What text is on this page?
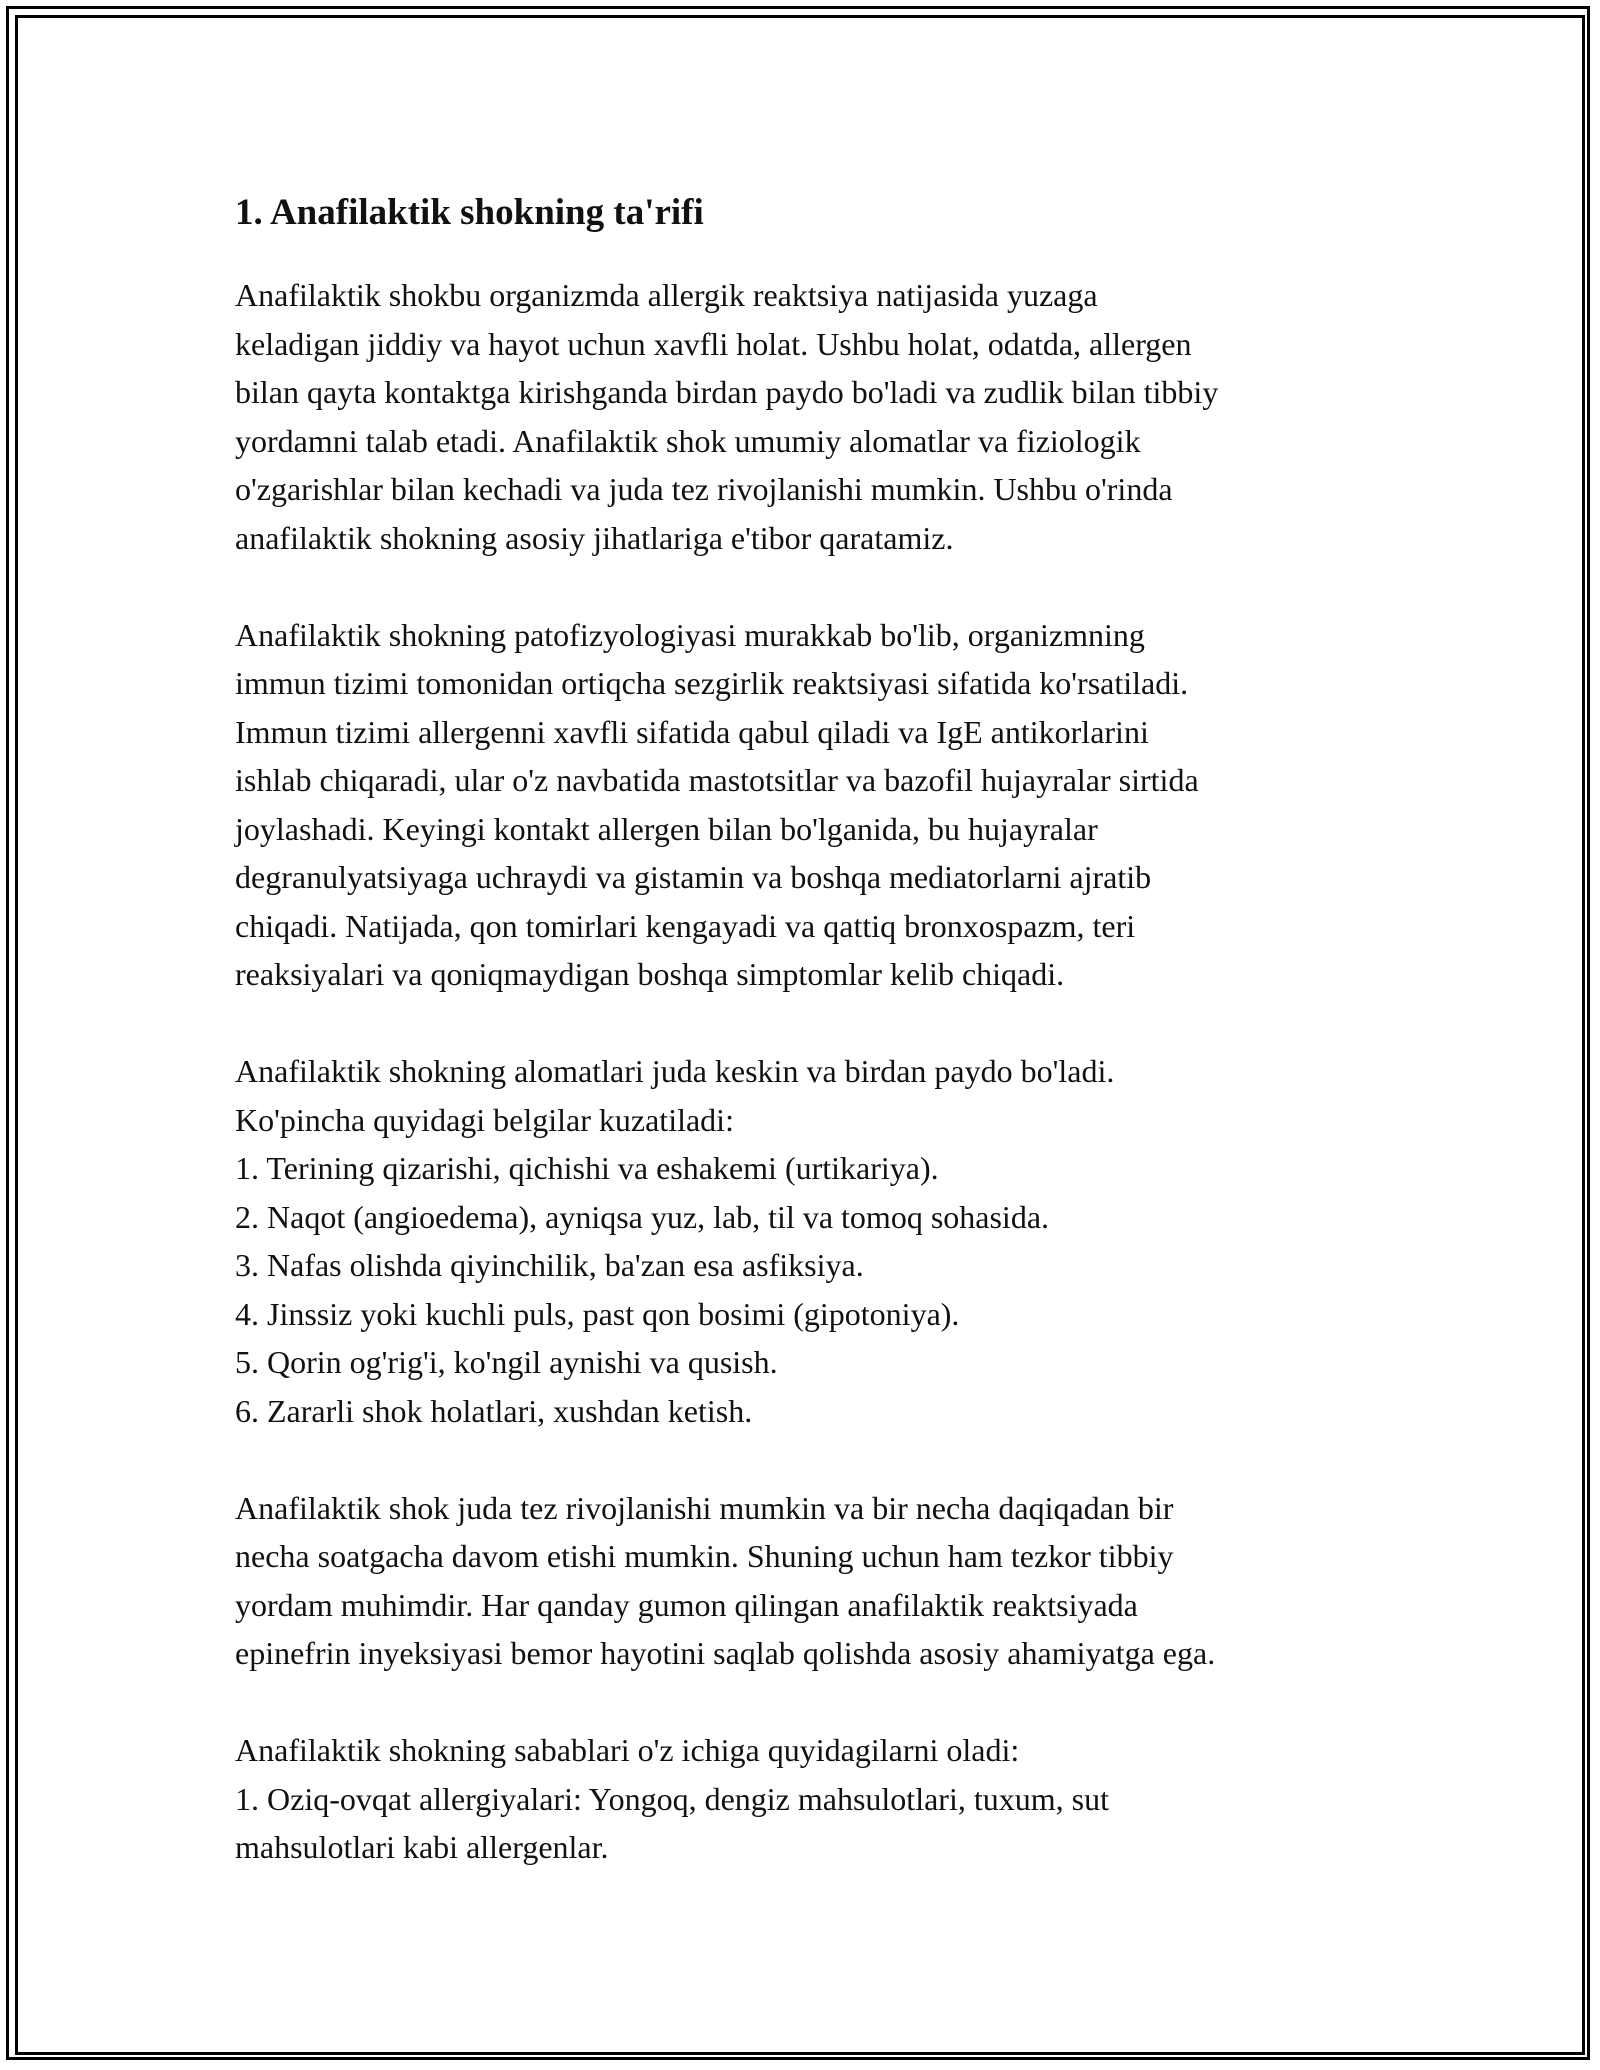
1. Anafilaktik shokning ta'rifi

Anafilaktik shokbu organizmda allergik reaktsiya natijasida yuzaga
keladigan jiddiy va hayot uchun xavfli holat. Ushbu holat, odatda, allergen
bilan qayta kontaktga kirishganda birdan paydo bo'ladi va zudlik bilan tibbiy
yordamni talab etadi. Anafilaktik shok umumiy alomatlar va fiziologik
o'zgarishlar bilan kechadi va juda tez rivojlanishi mumkin. Ushbu o'rinda
anafilaktik shokning asosiy jihatlariga e'tibor qaratamiz.

Anafilaktik shokning patofizyologiyasi murakkab bo'lib, organizmning
immun tizimi tomonidan ortiqcha sezgirlik reaktsiyasi sifatida ko'rsatiladi.
Immun tizimi allergenni xavfli sifatida qabul qiladi va IgE antikorlarini
ishlab chiqaradi, ular o'z navbatida mastotsitlar va bazofil hujayralar sirtida
joylashadi. Keyingi kontakt allergen bilan bo'lganida, bu hujayralar
degranulyatsiyaga uchraydi va gistamin va boshqa mediatorlarni ajratib
chiqadi. Natijada, qon tomirlari kengayadi va qattiq bronxospazm, teri
reaksiyalari va qoniqmaydigan boshqa simptomlar kelib chiqadi.

Anafilaktik shokning alomatlari juda keskin va birdan paydo bo'ladi.
Ko'pincha quyidagi belgilar kuzatiladi:
1. Terining qizarishi, qichishi va eshakemi (urtikariya).
2. Naqot (angioedema), ayniqsa yuz, lab, til va tomoq sohasida.
3. Nafas olishda qiyinchilik, ba'zan esa asfiksiya.
4. Jinssiz yoki kuchli puls, past qon bosimi (gipotoniya).
5. Qorin og'rig'i, ko'ngil aynishi va qusish.
6. Zararli shok holatlari, xushdan ketish.

Anafilaktik shok juda tez rivojlanishi mumkin va bir necha daqiqadan bir
necha soatgacha davom etishi mumkin. Shuning uchun ham tezkor tibbiy
yordam muhimdir. Har qanday gumon qilingan anafilaktik reaktsiyada
epinefrin inyeksiyasi bemor hayotini saqlab qolishda asosiy ahamiyatga ega.

Anafilaktik shokning sabablari o'z ichiga quyidagilarni oladi:
1. Oziq-ovqat allergiyalari: Yongoq, dengiz mahsulotlari, tuxum, sut
mahsulotlari kabi allergenlar.
